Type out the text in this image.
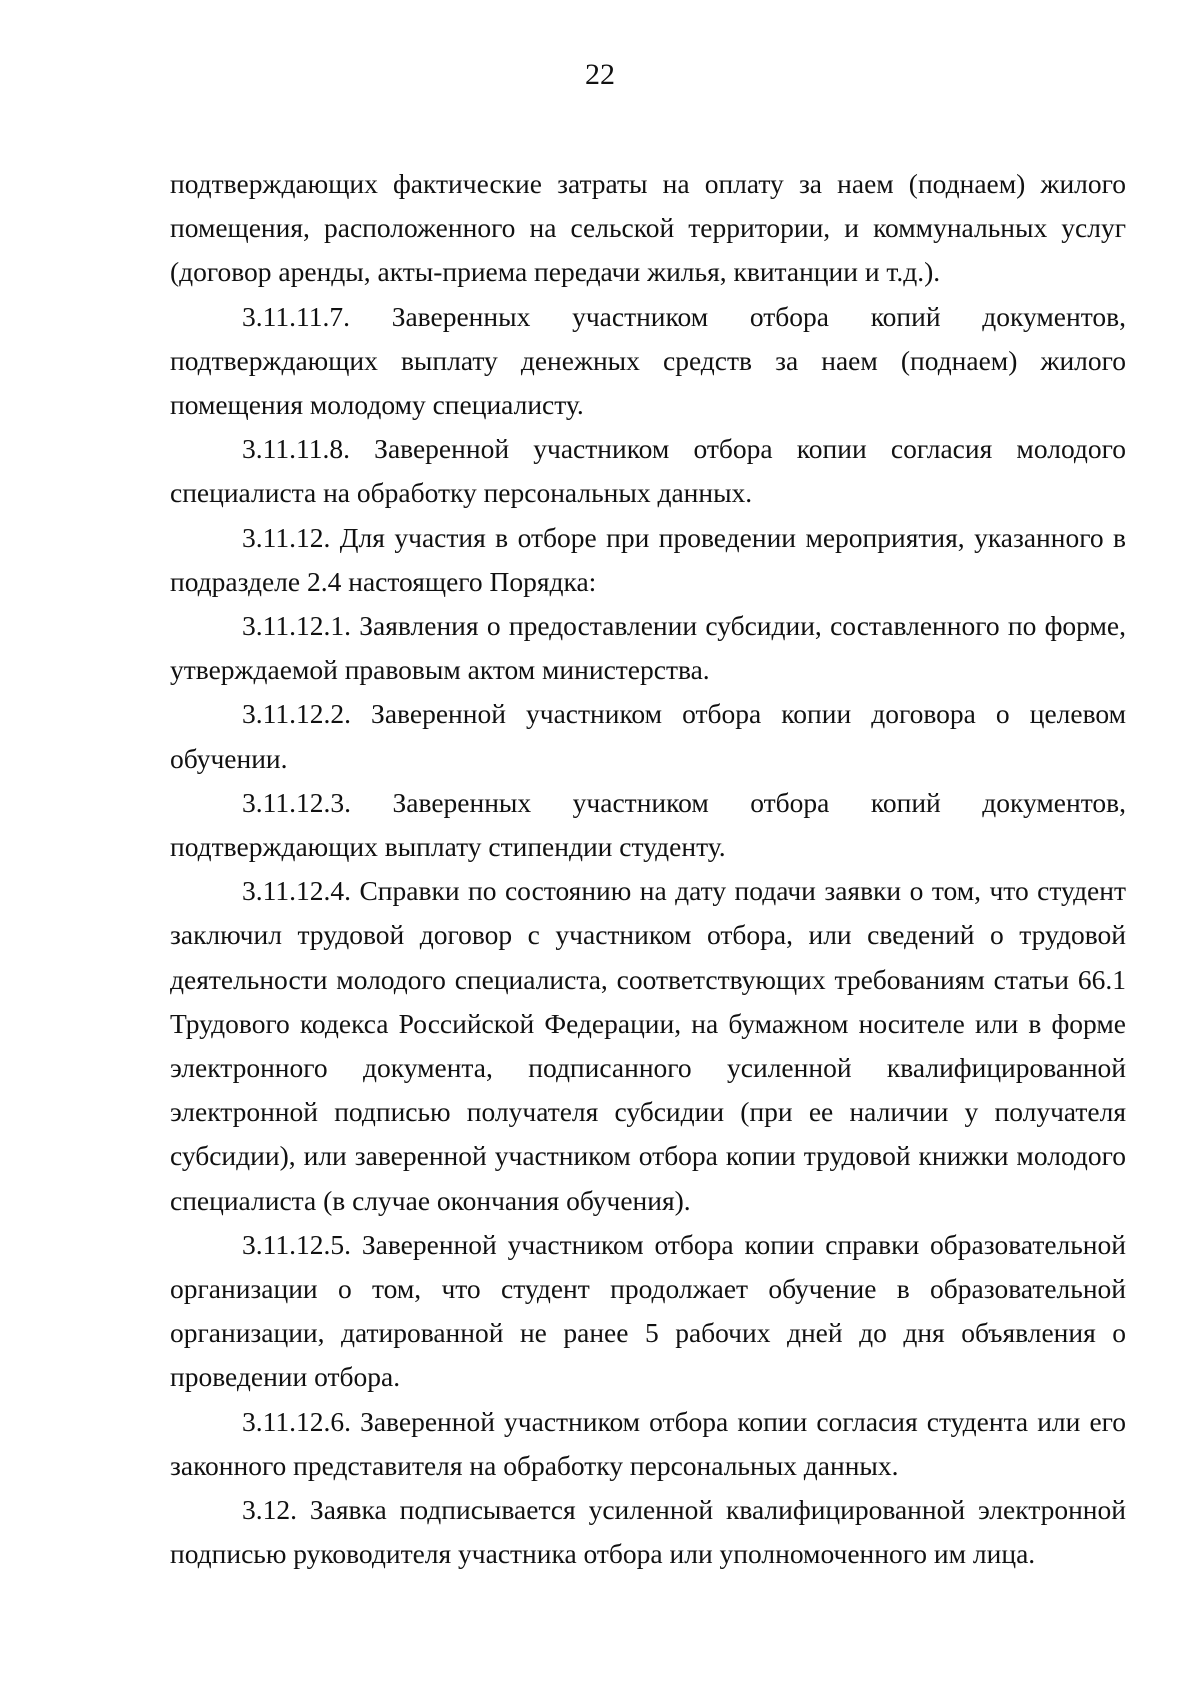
22

подтверждающих фактические затраты на оплату за наем (поднаем) жилого помещения, расположенного на сельской территории, и коммунальных услуг (договор аренды, акты-приема передачи жилья, квитанции и т.д.).

3.11.11.7. Заверенных участником отбора копий документов, подтверждающих выплату денежных средств за наем (поднаем) жилого помещения молодому специалисту.

3.11.11.8. Заверенной участником отбора копии согласия молодого специалиста на обработку персональных данных.

3.11.12. Для участия в отборе при проведении мероприятия, указанного в подразделе 2.4 настоящего Порядка:

3.11.12.1. Заявления о предоставлении субсидии, составленного по форме, утверждаемой правовым актом министерства.

3.11.12.2. Заверенной участником отбора копии договора о целевом обучении.

3.11.12.3. Заверенных участником отбора копий документов, подтверждающих выплату стипендии студенту.

3.11.12.4. Справки по состоянию на дату подачи заявки о том, что студент заключил трудовой договор с участником отбора, или сведений о трудовой деятельности молодого специалиста, соответствующих требованиям статьи 66.1 Трудового кодекса Российской Федерации, на бумажном носителе или в форме электронного документа, подписанного усиленной квалифицированной электронной подписью получателя субсидии (при ее наличии у получателя субсидии), или заверенной участником отбора копии трудовой книжки молодого специалиста (в случае окончания обучения).

3.11.12.5. Заверенной участником отбора копии справки образовательной организации о том, что студент продолжает обучение в образовательной организации, датированной не ранее 5 рабочих дней до дня объявления о проведении отбора.

3.11.12.6. Заверенной участником отбора копии согласия студента или его законного представителя на обработку персональных данных.

3.12. Заявка подписывается усиленной квалифицированной электронной подписью руководителя участника отбора или уполномоченного им лица.
